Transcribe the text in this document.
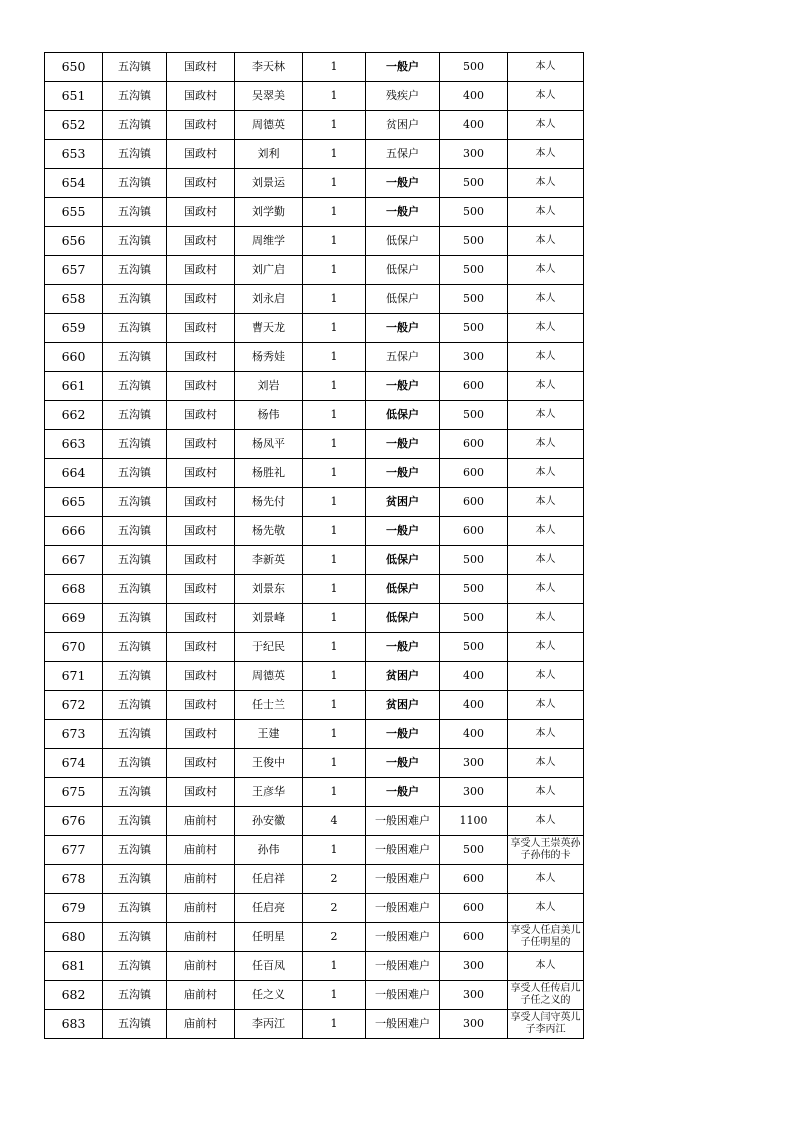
650	五沟镇	国政村	李天林	1	一般户	500	本人
651	五沟镇	国政村	吴翠美	1	残疾户	400	本人
652	五沟镇	国政村	周德英	1	贫困户	400	本人
653	五沟镇	国政村	刘利	1	五保户	300	本人
654	五沟镇	国政村	刘景运	1	一般户	500	本人
655	五沟镇	国政村	刘学勤	1	一般户	500	本人
656	五沟镇	国政村	周维学	1	低保户	500	本人
657	五沟镇	国政村	刘广启	1	低保户	500	本人
658	五沟镇	国政村	刘永启	1	低保户	500	本人
659	五沟镇	国政村	曹天龙	1	一般户	500	本人
660	五沟镇	国政村	杨秀娃	1	五保户	300	本人
661	五沟镇	国政村	刘岩	1	一般户	600	本人
662	五沟镇	国政村	杨伟	1	低保户	500	本人
663	五沟镇	国政村	杨凤平	1	一般户	600	本人
664	五沟镇	国政村	杨胜礼	1	一般户	600	本人
665	五沟镇	国政村	杨先付	1	贫困户	600	本人
666	五沟镇	国政村	杨先敬	1	一般户	600	本人
667	五沟镇	国政村	李新英	1	低保户	500	本人
668	五沟镇	国政村	刘景东	1	低保户	500	本人
669	五沟镇	国政村	刘景峰	1	低保户	500	本人
670	五沟镇	国政村	于纪民	1	一般户	500	本人
671	五沟镇	国政村	周德英	1	贫困户	400	本人
672	五沟镇	国政村	任士兰	1	贫困户	400	本人
673	五沟镇	国政村	王建	1	一般户	400	本人
674	五沟镇	国政村	王俊中	1	一般户	300	本人
675	五沟镇	国政村	王彦华	1	一般户	300	本人
676	五沟镇	庙前村	孙安徽	4	一般困难户	1100	本人
677	五沟镇	庙前村	孙伟	1	一般困难户	500	享受人王崇英孙子孙伟的卡
678	五沟镇	庙前村	任启祥	2	一般困难户	600	本人
679	五沟镇	庙前村	任启亮	2	一般困难户	600	本人
680	五沟镇	庙前村	任明星	2	一般困难户	600	享受人任启美儿子任明星的
681	五沟镇	庙前村	任百凤	1	一般困难户	300	本人
682	五沟镇	庙前村	任之义	1	一般困难户	300	享受人任传启儿子任之义的
683	五沟镇	庙前村	李丙江	1	一般困难户	300	享受人闫守英儿子李丙江
